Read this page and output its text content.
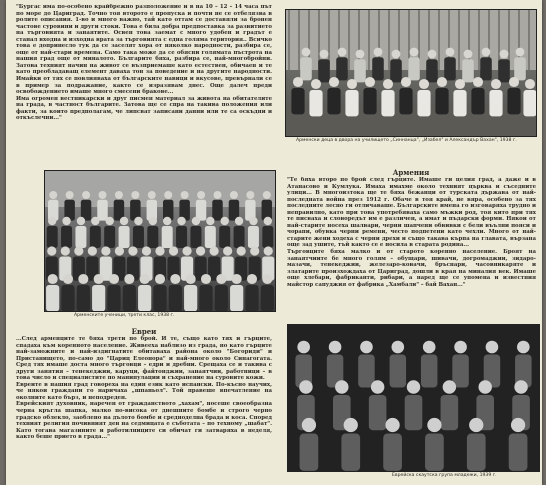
"Бургас има по-особено крайбрежно разположение и в на 10 – 12 – 14 часа път по море до Цариград. Точно тоя второто е пропуска и почти не се отбелязва в ролите описания. 1-во и много важно, тай като оттам се доставяли за бронен частове суровини и други стоки. Това е била добра предпоставка за развитието на търговията и занаятите. Освен това заемат с много удобен и градът е станал входна и изходна врата за търговията с една голяма територия.. Всичко това е допринесло тук да се заселят хора от няколко народности, разбира се, още от най-стари времена. Само така може да се обясни голямата пъстрота на нашия град още от миналото. Българите бяха, разбира се, най-многобройни. Затова техният начин на живот се възприемаше като естествен, обичаен и те като преобладаващ елемент даваха тон за поведение и на другите народности. Имайки от тях се повлияваха от българските навици и вкусове, превърнали се в пример за подражание, както се изразявам днес. Още далеч преди освобождението имаше много смесени бракове...

Има огромен вестникарски и друг писмен материал за живота на обитателите на града, в частност българите. Затова ще се спра на такива положения или факти, за които предполагам, че липсват записани данни или те са оскъдни и откъслечни..."

Арменски деца в двора на училището „Синнанца", „Изабел" и Александър Вахан", 1938 г.
Арменските ученици, трети клас, 1938 г.
Армения

"Те бяха второ по брой след гърците. Имаше ги целия град, а даже и в Атанасово и Кумлука. Имаха имахме около техният църква и съседните улици... В многоизтока ще те бяха бежанци от турската държава от най-последната война през 1912 г. Обаче в тоя край, не вяра, особено за тях последните лесно ги отличаваше. Българските имена го изговаряха трудно и неправилно, като при това употребяваха само мъжки род, тоя кито при тях те писваха и словоредът им е различен, а имат и пъдарски форми. Някои от най-старите носеха шалвари, черни шапчени обвивки с бели въълни пояси и чорапи, обувка черни ремени, често подпетени като чехли. Много от най-старите жени ходеха с черни дрехи и също такава кърпа на главата, вързана още зад ушите, тъй както се е носила в старата родина...

Търговците бяха малко и от старото коренно население. Броят на занаятчиите бе много голям – обущари, шивачи, догромаджии, зидаро-мазачи, тенекеджии, железаро-ковачи, бръснари, часовникаряте и златарите произхождаха от Цариград, дошли в края на миналия век. Имаше още хлебари, фабриканти, рибари, а наред ще се упомена и известния майстор сапуджия от фабрика „Хамбали" – бай Вахан..."

Евреи

...След арменците те бяха трети по брой. И те, също като тях и гърците, спадаха към коренното население. Живееха наблизо из града, но като гърците най-заможните и най-издигнатите обитаваха района около "Богориди" и Пристанището, по-само до "Цариц Елеонора" и най-много около Синагогата. Сред тях имаше доста много търговци – едри и дребни. Срещаха се и такива с други занятия – тенекеджии, каруци, файтонджии, занаятчии, работници – в това число и специалистите по манипулации и съхранение на суровите кожи.

Евреите в нашия град говореха на един език като испански. По-късно научих, че някои граждани го наричаха „шпаньол". Той правеше впечатление на околните като бърз, и неподреден.

Еврейският духовник, наречен от гражданството „хахам", носеше своеобразна черна кръгла шапка, малко по-висока от днешните бомбе и строго черно градско облекло, заоблено на дълото бомбе и средноделна брада и коса. Според техният религия почивният ден на седмицата е съботата – по техному „шабат". Като тогава магазините и работилниците си обичат ги затваряха в неделя, както беше прието в града..."

Еврейска скаутска група младежи, 1939 г.
